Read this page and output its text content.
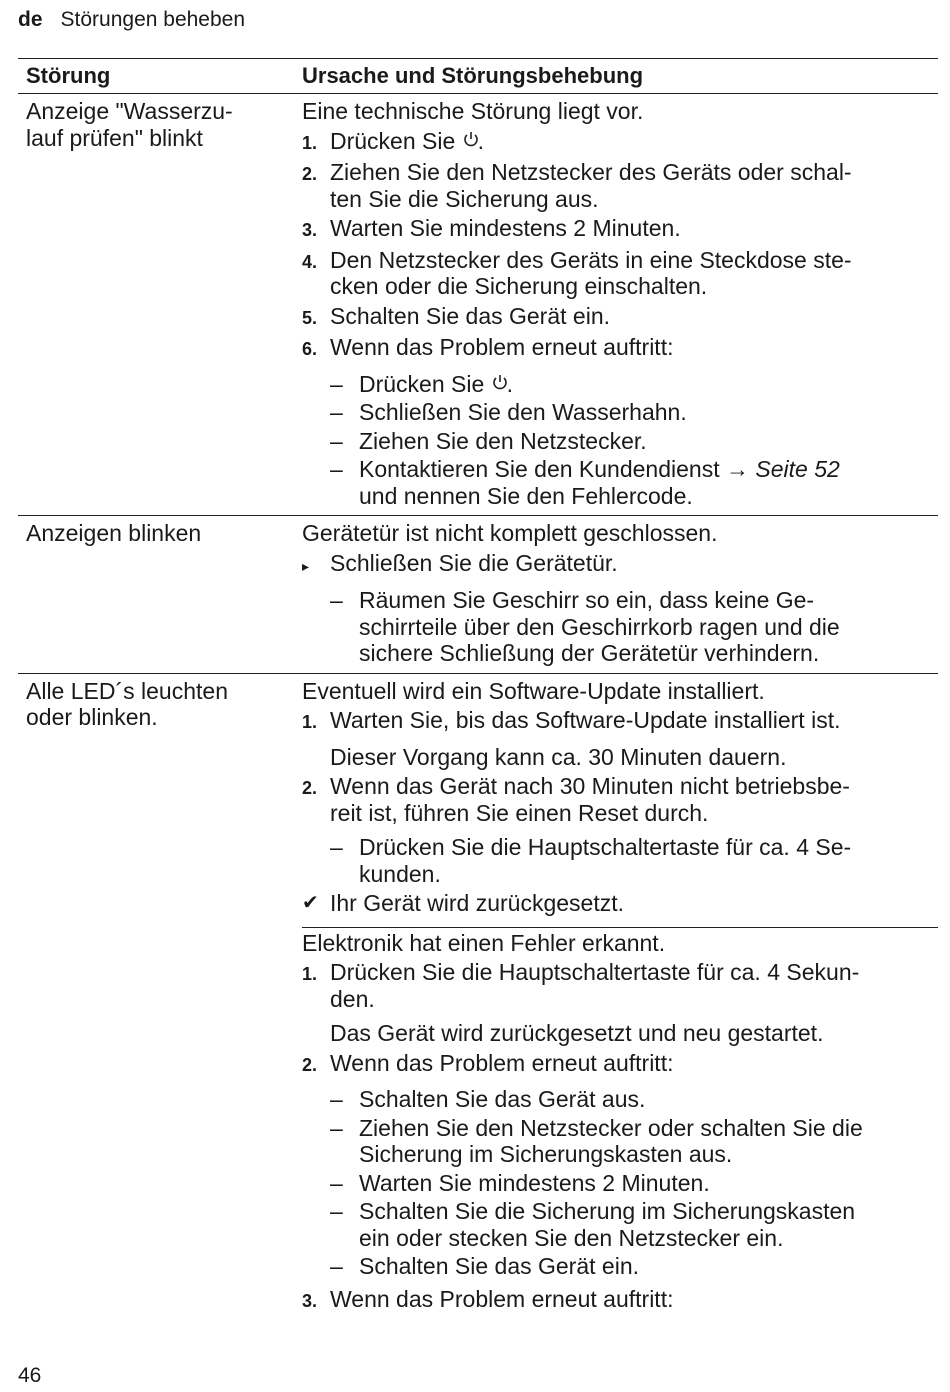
de Störungen beheben
Störung	Ursache und Störungsbehebung
Anzeige "Wasserzu-
lauf prüfen" blinkt

Eine technische Störung liegt vor.

1. Drücken Sie .
2. Ziehen Sie den Netzstecker des Geräts oder schal-
ten Sie die Sicherung aus.
3. Warten Sie mindestens 2 Minuten.
4. Den Netzstecker des Geräts in eine Steckdose ste-
cken oder die Sicherung einschalten.
5. Schalten Sie das Gerät ein.
6. Wenn das Problem erneut auftritt:
– Drücken Sie .
– Schließen Sie den Wasserhahn.
– Ziehen Sie den Netzstecker.
– Kontaktieren Sie den Kundendienst → Seite 52
und nennen Sie den Fehlercode.
Anzeigen blinken	Gerätetür ist nicht komplett geschlossen.

▸ Schließen Sie die Gerätetür.
– Räumen Sie Geschirr so ein, dass keine Ge-
schirrteile über den Geschirrkorb ragen und die
sichere Schließung der Gerätetür verhindern.
Alle LED´s leuchten
oder blinken.

Eventuell wird ein Software-Update installiert.

1. Warten Sie, bis das Software-Update installiert ist.
Dieser Vorgang kann ca. 30 Minuten dauern.
2. Wenn das Gerät nach 30 Minuten nicht betriebsbe-
reit ist, führen Sie einen Reset durch.
– Drücken Sie die Hauptschaltertaste für ca. 4 Se-
kunden.
✔ Ihr Gerät wird zurückgesetzt.

Elektronik hat einen Fehler erkannt.

1. Drücken Sie die Hauptschaltertaste für ca. 4 Sekun-
den.
Das Gerät wird zurückgesetzt und neu gestartet.
2. Wenn das Problem erneut auftritt:
– Schalten Sie das Gerät aus.
– Ziehen Sie den Netzstecker oder schalten Sie die
Sicherung im Sicherungskasten aus.
– Warten Sie mindestens 2 Minuten.
– Schalten Sie die Sicherung im Sicherungskasten
ein oder stecken Sie den Netzstecker ein.
– Schalten Sie das Gerät ein.
3. Wenn das Problem erneut auftritt:
46
